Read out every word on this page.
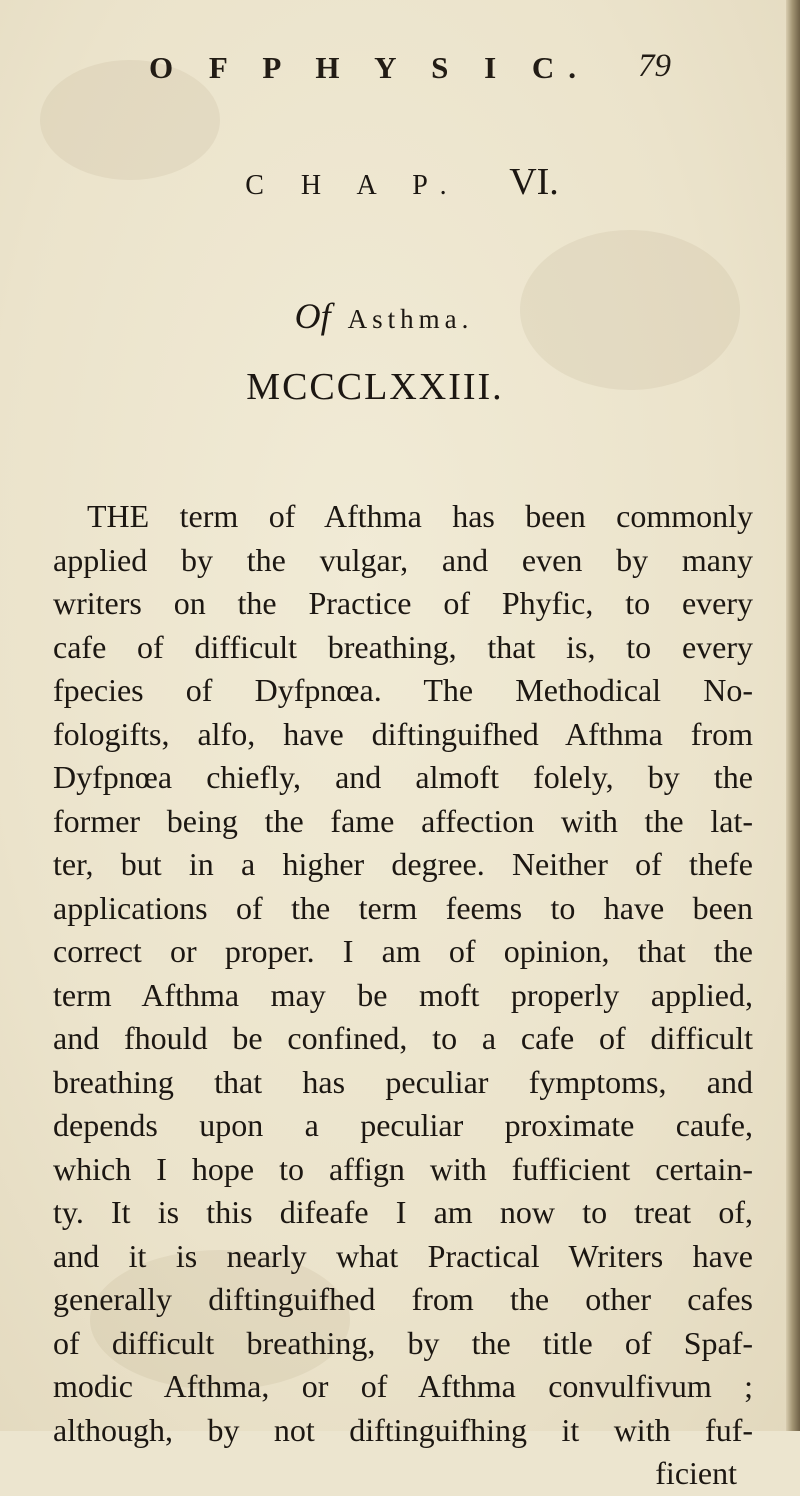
O F P H Y S I C. 79
C H A P. VI.
Of Asthma.
MCCCLXXIII.
THE term of Afthma has been commonly
applied by the vulgar, and even by many
writers on the Practice of Phyfic, to every
cafe of difficult breathing, that is, to every
fpecies of Dyfpnœa. The Methodical No-
fologifts, alfo, have diftinguifhed Afthma from
Dyfpnœa chiefly, and almoft folely, by the
former being the fame affection with the lat-
ter, but in a higher degree. Neither of thefe
applications of the term feems to have been
correct or proper. I am of opinion, that the
term Afthma may be moft properly applied,
and fhould be confined, to a cafe of difficult
breathing that has peculiar fymptoms, and
depends upon a peculiar proximate caufe,
which I hope to affign with fufficient certain-
ty. It is this difeafe I am now to treat of,
and it is nearly what Practical Writers have
generally diftinguifhed from the other cafes
of difficult breathing, by the title of Spaf-
modic Afthma, or of Afthma convulfivum ;
although, by not diftinguifhing it with fuf-
ficient
